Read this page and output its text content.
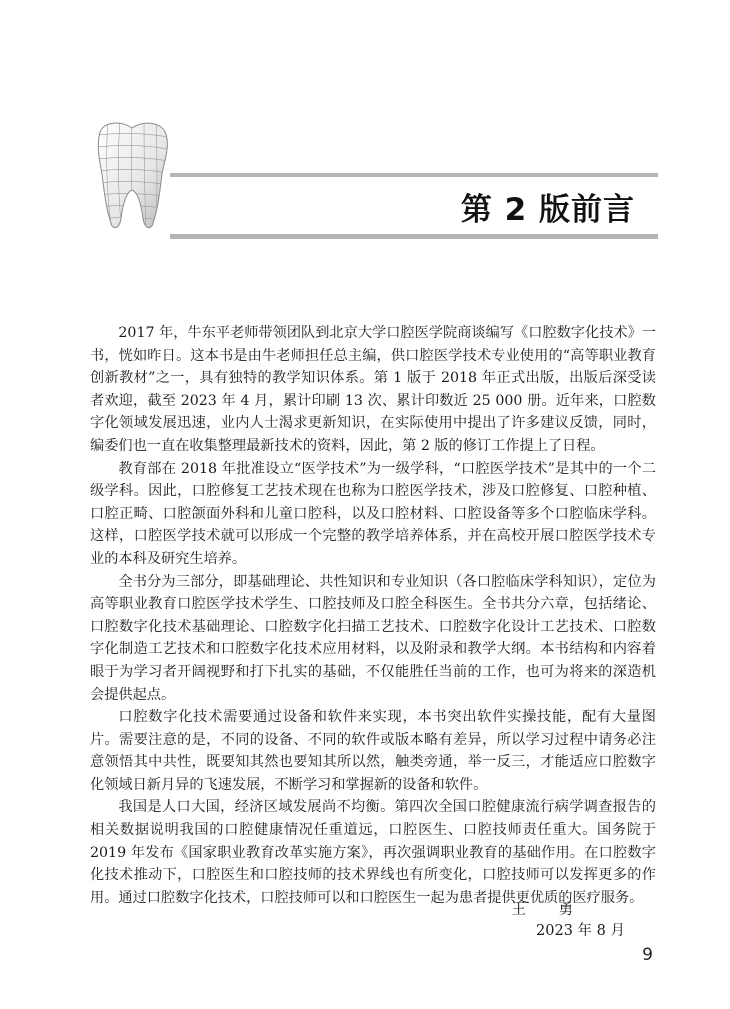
第 2 版前言

2017 年，牛东平老师带领团队到北京大学口腔医学院商谈编写《口腔数字化技术》一书，恍如昨日。这本书是由牛老师担任总主编，供口腔医学技术专业使用的“高等职业教育创新教材”之一，具有独特的教学知识体系。第 1 版于 2018 年正式出版，出版后深受读者欢迎，截至 2023 年 4 月，累计印刷 13 次、累计印数近 25 000 册。近年来，口腔数字化领域发展迅速，业内人士渴求更新知识，在实际使用中提出了许多建议反馈，同时，编委们也一直在收集整理最新技术的资料，因此，第 2 版的修订工作提上了日程。

教育部在 2018 年批准设立“医学技术”为一级学科，“口腔医学技术”是其中的一个二级学科。因此，口腔修复工艺技术现在也称为口腔医学技术，涉及口腔修复、口腔种植、口腔正畸、口腔颌面外科和儿童口腔科，以及口腔材料、口腔设备等多个口腔临床学科。这样，口腔医学技术就可以形成一个完整的教学培养体系，并在高校开展口腔医学技术专业的本科及研究生培养。

全书分为三部分，即基础理论、共性知识和专业知识（各口腔临床学科知识），定位为高等职业教育口腔医学技术学生、口腔技师及口腔全科医生。全书共分六章，包括绪论、口腔数字化技术基础理论、口腔数字化扫描工艺技术、口腔数字化设计工艺技术、口腔数字化制造工艺技术和口腔数字化技术应用材料，以及附录和教学大纲。本书结构和内容着眼于为学习者开阔视野和打下扎实的基础，不仅能胜任当前的工作，也可为将来的深造机会提供起点。

口腔数字化技术需要通过设备和软件来实现，本书突出软件实操技能，配有大量图片。需要注意的是，不同的设备、不同的软件或版本略有差异，所以学习过程中请务必注意领悟其中共性，既要知其然也要知其所以然，触类旁通，举一反三，才能适应口腔数字化领域日新月异的飞速发展，不断学习和掌握新的设备和软件。

我国是人口大国，经济区域发展尚不均衡。第四次全国口腔健康流行病学调查报告的相关数据说明我国的口腔健康情况任重道远，口腔医生、口腔技师责任重大。国务院于 2019 年发布《国家职业教育改革实施方案》，再次强调职业教育的基础作用。在口腔数字化技术推动下，口腔医生和口腔技师的技术界线也有所变化，口腔技师可以发挥更多的作用。通过口腔数字化技术，口腔技师可以和口腔医生一起为患者提供更优质的医疗服务。

王 勇
2023 年 8 月
9
